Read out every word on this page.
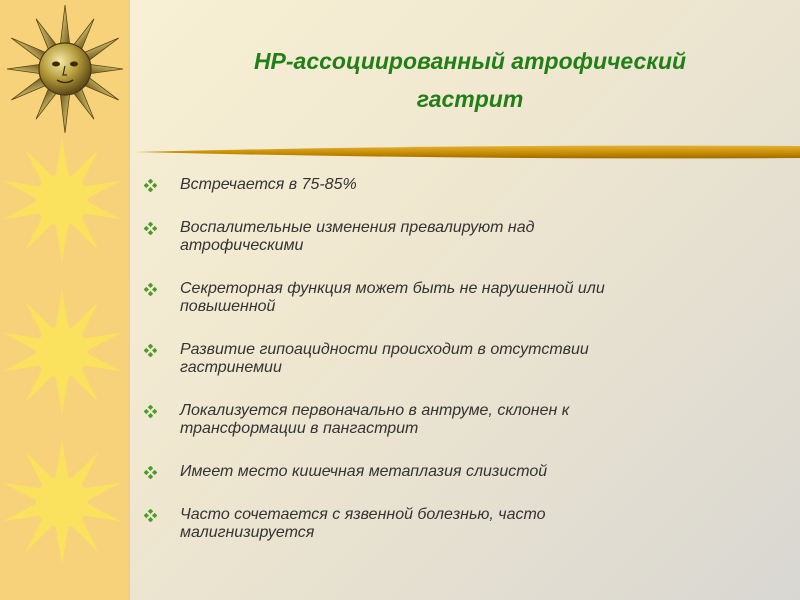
НР-ассоциированный атрофический
гастрит
Встречается в 75-85%
Воспалительные изменения превалируют над
атрофическими
Секреторная функция может быть не нарушенной или
повышенной
Развитие гипоацидности происходит в отсутствии
гастринемии
Локализуется первоначально в антруме, склонен к
трансформации в пангастрит
Имеет место кишечная метаплазия слизистой
Часто сочетается с язвенной болезнью, часто
малигнизируется
